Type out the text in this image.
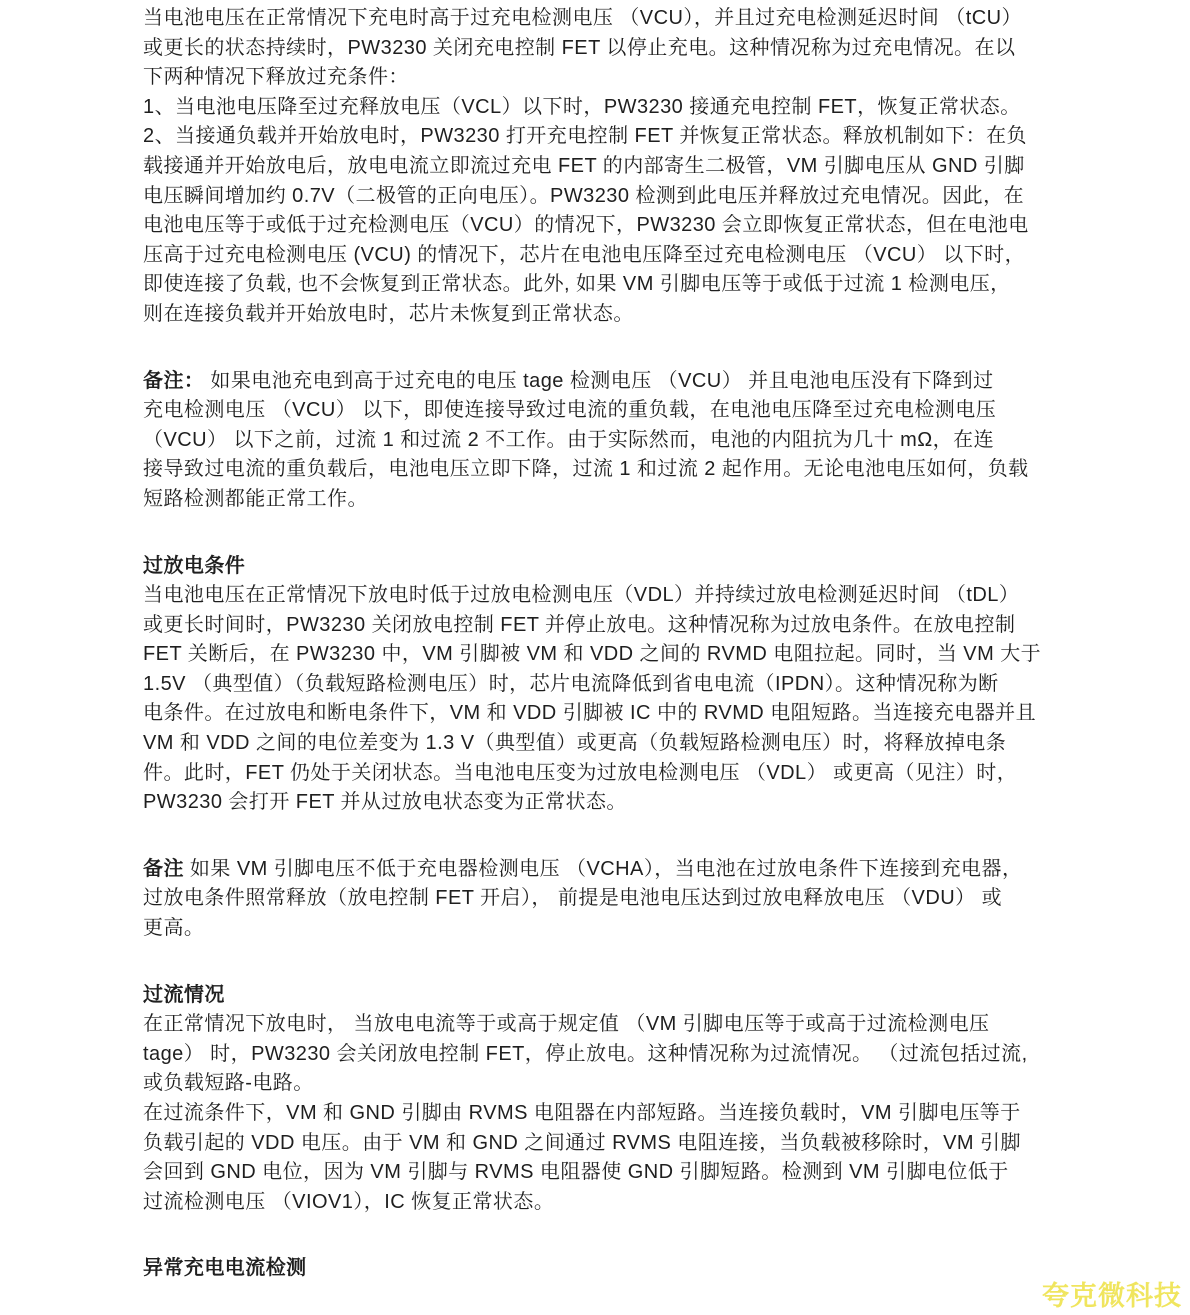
当电池电压在正常情况下充电时高于过充电检测电压 （VCU），并且过充电检测延迟时间 （tCU）
或更长的状态持续时，PW3230 关闭充电控制 FET 以停止充电。这种情况称为过充电情况。在以
下两种情况下释放过充条件：
1、当电池电压降至过充释放电压（VCL）以下时，PW3230 接通充电控制 FET，恢复正常状态。
2、当接通负载并开始放电时，PW3230 打开充电控制 FET 并恢复正常状态。释放机制如下：在负
载接通并开始放电后，放电电流立即流过充电 FET 的内部寄生二极管，VM 引脚电压从 GND 引脚
电压瞬间增加约 0.7V（二极管的正向电压）。PW3230 检测到此电压并释放过充电情况。因此，在
电池电压等于或低于过充检测电压（VCU）的情况下，PW3230 会立即恢复正常状态，但在电池电
压高于过充电检测电压 (VCU) 的情况下，芯片在电池电压降至过充电检测电压 （VCU） 以下时，
即使连接了负载, 也不会恢复到正常状态。此外, 如果 VM 引脚电压等于或低于过流 1 检测电压，
则在连接负载并开始放电时，芯片未恢复到正常状态。
备注： 如果电池充电到高于过充电的电压 tage 检测电压 （VCU） 并且电池电压没有下降到过
充电检测电压 （VCU） 以下，即使连接导致过电流的重负载，在电池电压降至过充电检测电压
（VCU） 以下之前，过流 1 和过流 2 不工作。由于实际然而，电池的内阻抗为几十 mΩ，在连
接导致过电流的重负载后，电池电压立即下降，过流 1 和过流 2 起作用。无论电池电压如何，负载
短路检测都能正常工作。
过放电条件
当电池电压在正常情况下放电时低于过放电检测电压（VDL）并持续过放电检测延迟时间 （tDL）
或更长时间时，PW3230 关闭放电控制 FET 并停止放电。这种情况称为过放电条件。在放电控制
FET 关断后，在 PW3230 中，VM 引脚被 VM 和 VDD 之间的 RVMD 电阻拉起。同时，当 VM 大于
1.5V （典型值）（负载短路检测电压）时，芯片电流降低到省电电流（IPDN）。这种情况称为断
电条件。在过放电和断电条件下，VM 和 VDD 引脚被 IC 中的 RVMD 电阻短路。当连接充电器并且
VM 和 VDD 之间的电位差变为 1.3 V（典型值）或更高（负载短路检测电压）时，将释放掉电条
件。此时，FET 仍处于关闭状态。当电池电压变为过放电检测电压 （VDL） 或更高（见注）时，
PW3230 会打开 FET 并从过放电状态变为正常状态。
备注 如果 VM 引脚电压不低于充电器检测电压 （VCHA），当电池在过放电条件下连接到充电器，
过放电条件照常释放（放电控制 FET 开启）， 前提是电池电压达到过放电释放电压 （VDU） 或
更高。
过流情况
在正常情况下放电时， 当放电电流等于或高于规定值 （VM 引脚电压等于或高于过流检测电压
tage） 时，PW3230 会关闭放电控制 FET，停止放电。这种情况称为过流情况。 （过流包括过流,
或负载短路-电路。
在过流条件下，VM 和 GND 引脚由 RVMS 电阻器在内部短路。当连接负载时，VM 引脚电压等于
负载引起的 VDD 电压。由于 VM 和 GND 之间通过 RVMS 电阻连接，当负载被移除时，VM 引脚
会回到 GND 电位，因为 VM 引脚与 RVMS 电阻器使 GND 引脚短路。检测到 VM 引脚电位低于
过流检测电压 （VIOV1），IC 恢复正常状态。
异常充电电流检测
夸克微科技
